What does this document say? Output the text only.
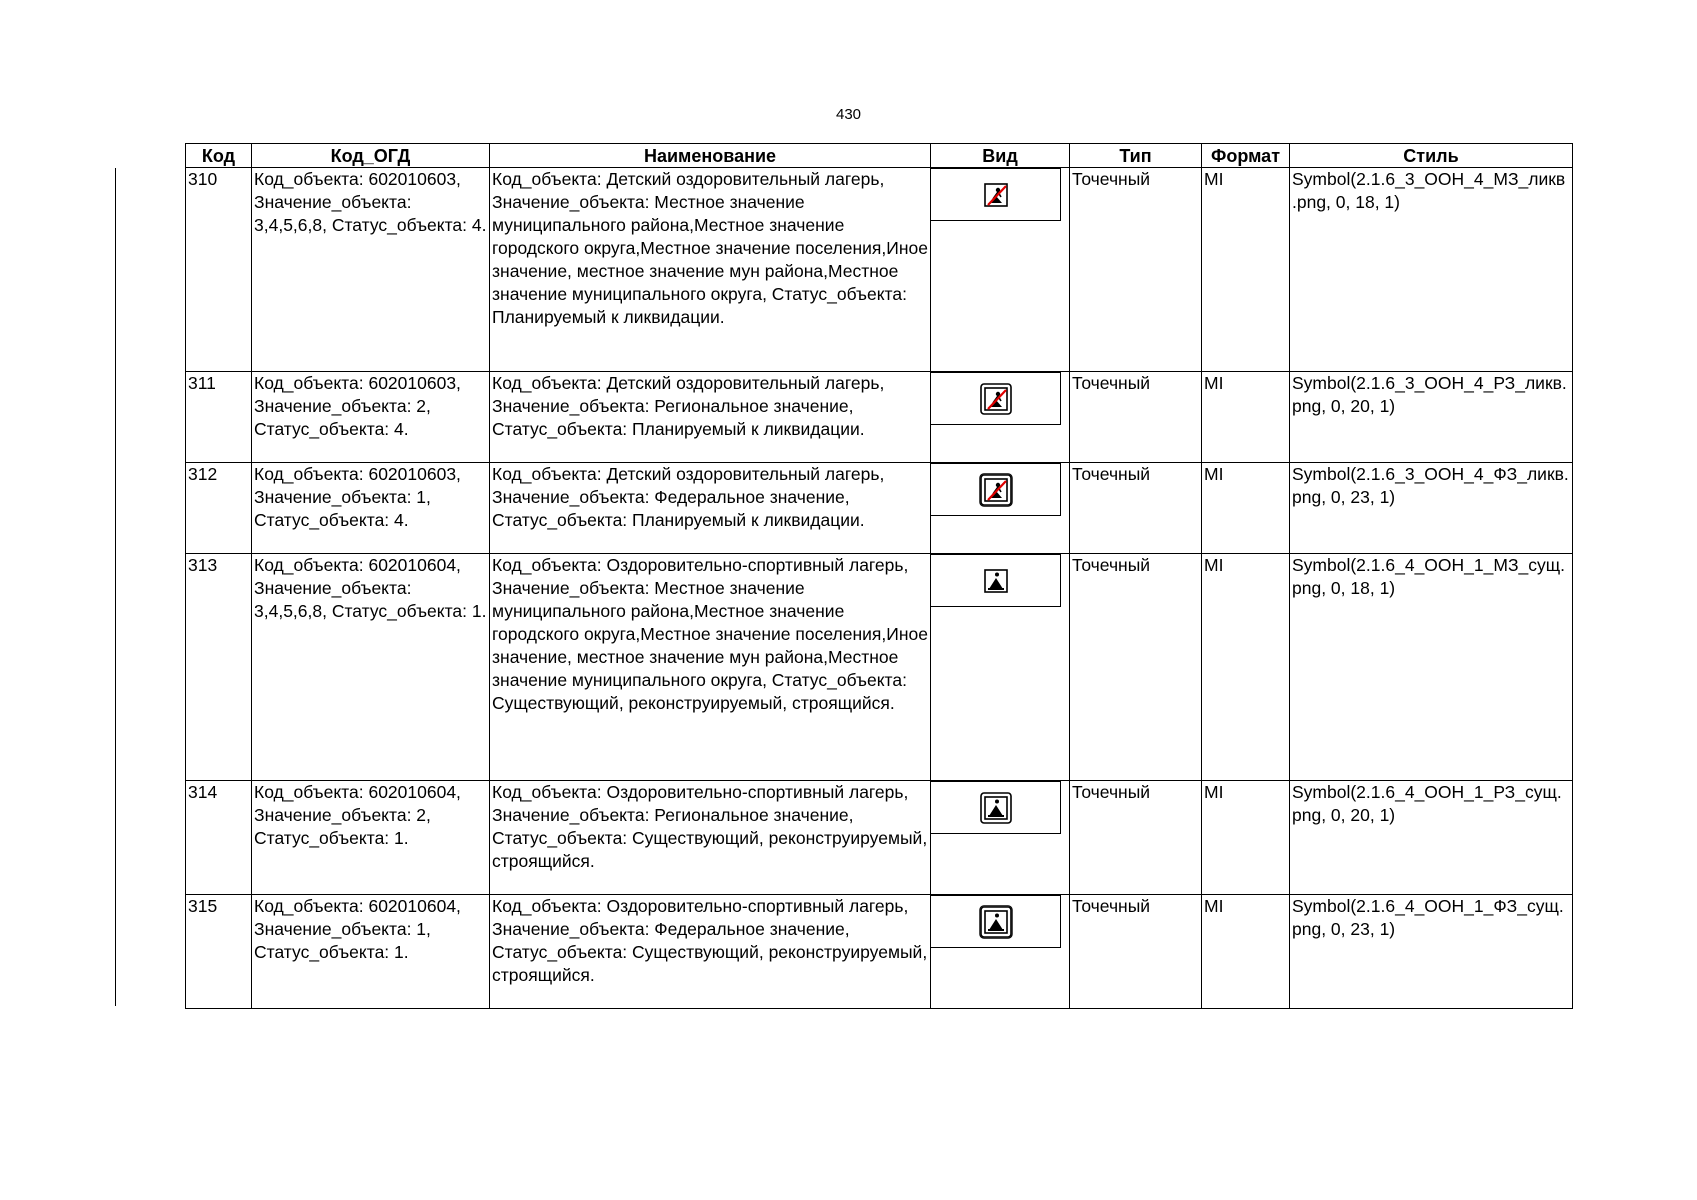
430
Код	Код_ОГД	Наименование	Вид	Тип	Формат	Стиль
310	Код_объекта: 602010603, Значение_объекта: 3,4,5,6,8, Статус_объекта: 4.	Код_объекта: Детский оздоровительный лагерь, Значение_объекта: Местное значение муниципального района,Местное значение городского округа,Местное значение поселения,Иное значение, местное значение мун района,Местное значение муниципального округа, Статус_объекта: Планируемый к ликвидации.		Точечный	MI	Symbol(2.1.6_3_ООН_4_МЗ_ликв.png, 0, 18, 1)
311	Код_объекта: 602010603, Значение_объекта: 2, Статус_объекта: 4.	Код_объекта: Детский оздоровительный лагерь, Значение_объекта: Региональное значение, Статус_объекта: Планируемый к ликвидации.		Точечный	MI	Symbol(2.1.6_3_ООН_4_РЗ_ликв.png, 0, 20, 1)
312	Код_объекта: 602010603, Значение_объекта: 1, Статус_объекта: 4.	Код_объекта: Детский оздоровительный лагерь, Значение_объекта: Федеральное значение, Статус_объекта: Планируемый к ликвидации.		Точечный	MI	Symbol(2.1.6_3_ООН_4_ФЗ_ликв.png, 0, 23, 1)
313	Код_объекта: 602010604, Значение_объекта: 3,4,5,6,8, Статус_объекта: 1.	Код_объекта: Оздоровительно-спортивный лагерь, Значение_объекта: Местное значение муниципального района,Местное значение городского округа,Местное значение поселения,Иное значение, местное значение мун района,Местное значение муниципального округа, Статус_объекта: Существующий, реконструируемый, строящийся.		Точечный	MI	Symbol(2.1.6_4_ООН_1_МЗ_сущ.png, 0, 18, 1)
314	Код_объекта: 602010604, Значение_объекта: 2, Статус_объекта: 1.	Код_объекта: Оздоровительно-спортивный лагерь, Значение_объекта: Региональное значение, Статус_объекта: Существующий, реконструируемый, строящийся.		Точечный	MI	Symbol(2.1.6_4_ООН_1_РЗ_сущ.png, 0, 20, 1)
315	Код_объекта: 602010604, Значение_объекта: 1, Статус_объекта: 1.	Код_объекта: Оздоровительно-спортивный лагерь, Значение_объекта: Федеральное значение, Статус_объекта: Существующий, реконструируемый, строящийся.		Точечный	MI	Symbol(2.1.6_4_ООН_1_ФЗ_сущ.png, 0, 23, 1)
